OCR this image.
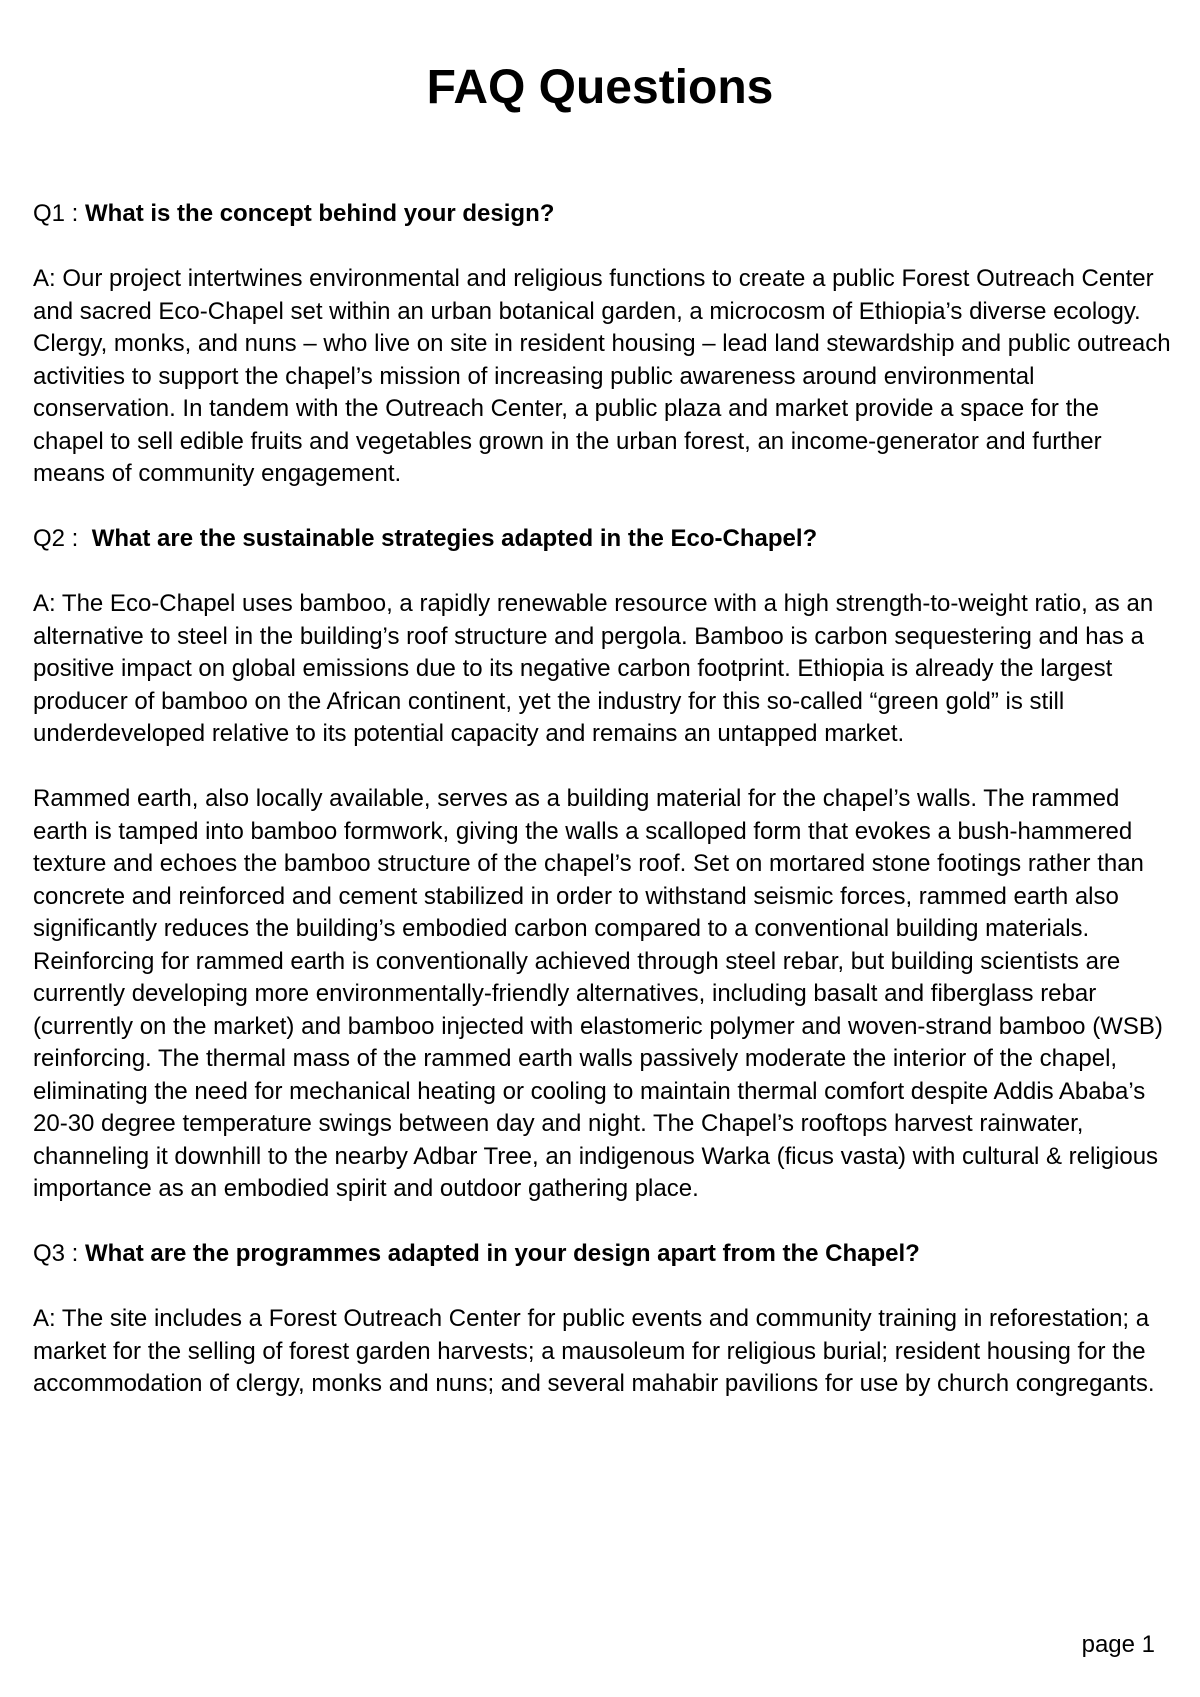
FAQ Questions

Q1 : What is the concept behind your design?

A: Our project intertwines environmental and religious functions to create a public Forest Outreach Center and sacred Eco-Chapel set within an urban botanical garden, a microcosm of Ethiopia’s diverse ecology. Clergy, monks, and nuns – who live on site in resident housing – lead land stewardship and public outreach activities to support the chapel’s mission of increasing public awareness around environmental conservation. In tandem with the Outreach Center, a public plaza and market provide a space for the chapel to sell edible fruits and vegetables grown in the urban forest, an income-generator and further means of community engagement.

Q2 :  What are the sustainable strategies adapted in the Eco-Chapel?

A: The Eco-Chapel uses bamboo, a rapidly renewable resource with a high strength-to-weight ratio, as an alternative to steel in the building’s roof structure and pergola. Bamboo is carbon sequestering and has a positive impact on global emissions due to its negative carbon footprint. Ethiopia is already the largest producer of bamboo on the African continent, yet the industry for this so-called “green gold” is still underdeveloped relative to its potential capacity and remains an untapped market.

Rammed earth, also locally available, serves as a building material for the chapel’s walls. The rammed earth is tamped into bamboo formwork, giving the walls a scalloped form that evokes a bush-hammered texture and echoes the bamboo structure of the chapel’s roof. Set on mortared stone footings rather than concrete and reinforced and cement stabilized in order to withstand seismic forces, rammed earth also significantly reduces the building’s embodied carbon compared to a conventional building materials. Reinforcing for rammed earth is conventionally achieved through steel rebar, but building scientists are currently developing more environmentally-friendly alternatives, including basalt and fiberglass rebar (currently on the market) and bamboo injected with elastomeric polymer and woven-strand bamboo (WSB) reinforcing. The thermal mass of the rammed earth walls passively moderate the interior of the chapel, eliminating the need for mechanical heating or cooling to maintain thermal comfort despite Addis Ababa’s 20-30 degree temperature swings between day and night. The Chapel’s rooftops harvest rainwater, channeling it downhill to the nearby Adbar Tree, an indigenous Warka (ficus vasta) with cultural & religious importance as an embodied spirit and outdoor gathering place.

Q3 : What are the programmes adapted in your design apart from the Chapel?

A: The site includes a Forest Outreach Center for public events and community training in reforestation; a market for the selling of forest garden harvests; a mausoleum for religious burial; resident housing for the accommodation of clergy, monks and nuns; and several mahabir pavilions for use by church congregants.

page 1
